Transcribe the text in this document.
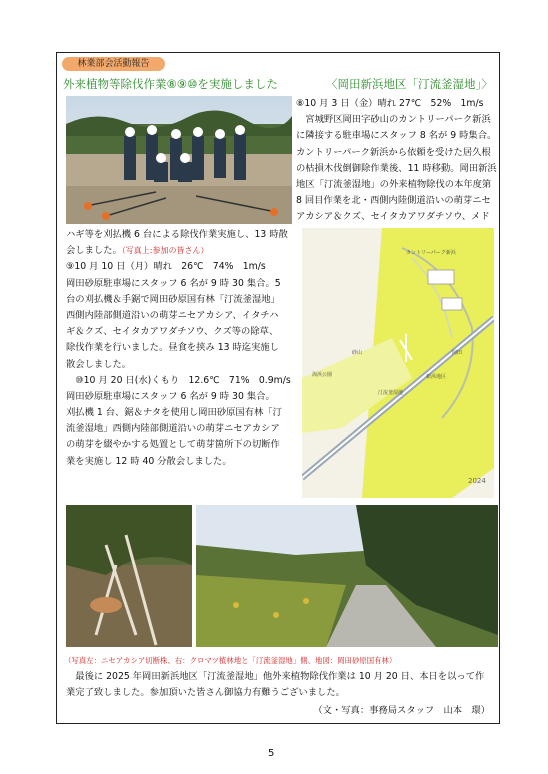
林業部会活動報告
外来植物等除伐作業⑧⑨⑩を実施しました	〈岡田新浜地区「汀流釜湿地」〉
⑧10 月 3 日（金）晴れ 27℃　52%　1m/s
　宮城野区岡田字砂山のカントリーパーク新浜
に隣接する駐車場にスタッフ 8 名が 9 時集合。
カントリーパーク新浜から依頼を受けた居久根
の枯損木伐倒御除作業後、11 時移動。岡田新浜
地区「汀流釜湿地」の外来植物除伐の本年度第
8 回目作業を北・西側内陸側道沿いの萌芽ニセ
アカシア＆クズ、セイタカアワダチソウ、メド
ハギ等を刈払機 6 台による除伐作業実施し、13 時散
会しました。（写真上:参加の皆さん）
⑨10 月 10 日（月）晴れ　26℃　74%　1m/s
岡田砂原駐車場にスタッフ 6 名が 9 時 30 集合。5
台の刈払機＆手鋸で岡田砂原国有林「汀流釜湿地」
西側内陸部側道沿いの萌芽ニセアカシア、イタチハ
ギ＆クズ、セイタカアワダチソウ、クズ等の除草、
除伐作業を行いました。昼食を挟み 13 時迄実施し
散会しました。
　⑩10 月 20 日(水)くもり　12.6℃　71%　0.9m/s
岡田砂原駐車場にスタッフ 6 名が 9 時 30 集合。
刈払機 1 台、鋸＆ナタを使用し岡田砂原国有林「汀
流釜湿地」西側内陸部側道沿いの萌芽ニセアカシア
の萌芽を綴やかする処置として萌芽箇所下の切断作
業を実施し 12 時 40 分散会しました。
海浜公園
砂山
汀流釜湿地
新浜地区
岡田
カントリーパーク新浜
2024
（写真左：ニセアカシア切断株、右：クロマツ植林地と「汀流釜湿地」側、地図：岡田砂原国有林）
　最後に 2025 年岡田新浜地区「汀流釜湿地」他外来植物除伐作業は 10 月 20 日、本日を以って作
業完了致しました。参加頂いた皆さん御協力有難うございました。
（文・写真：事務局スタッフ　山本　環）
5
